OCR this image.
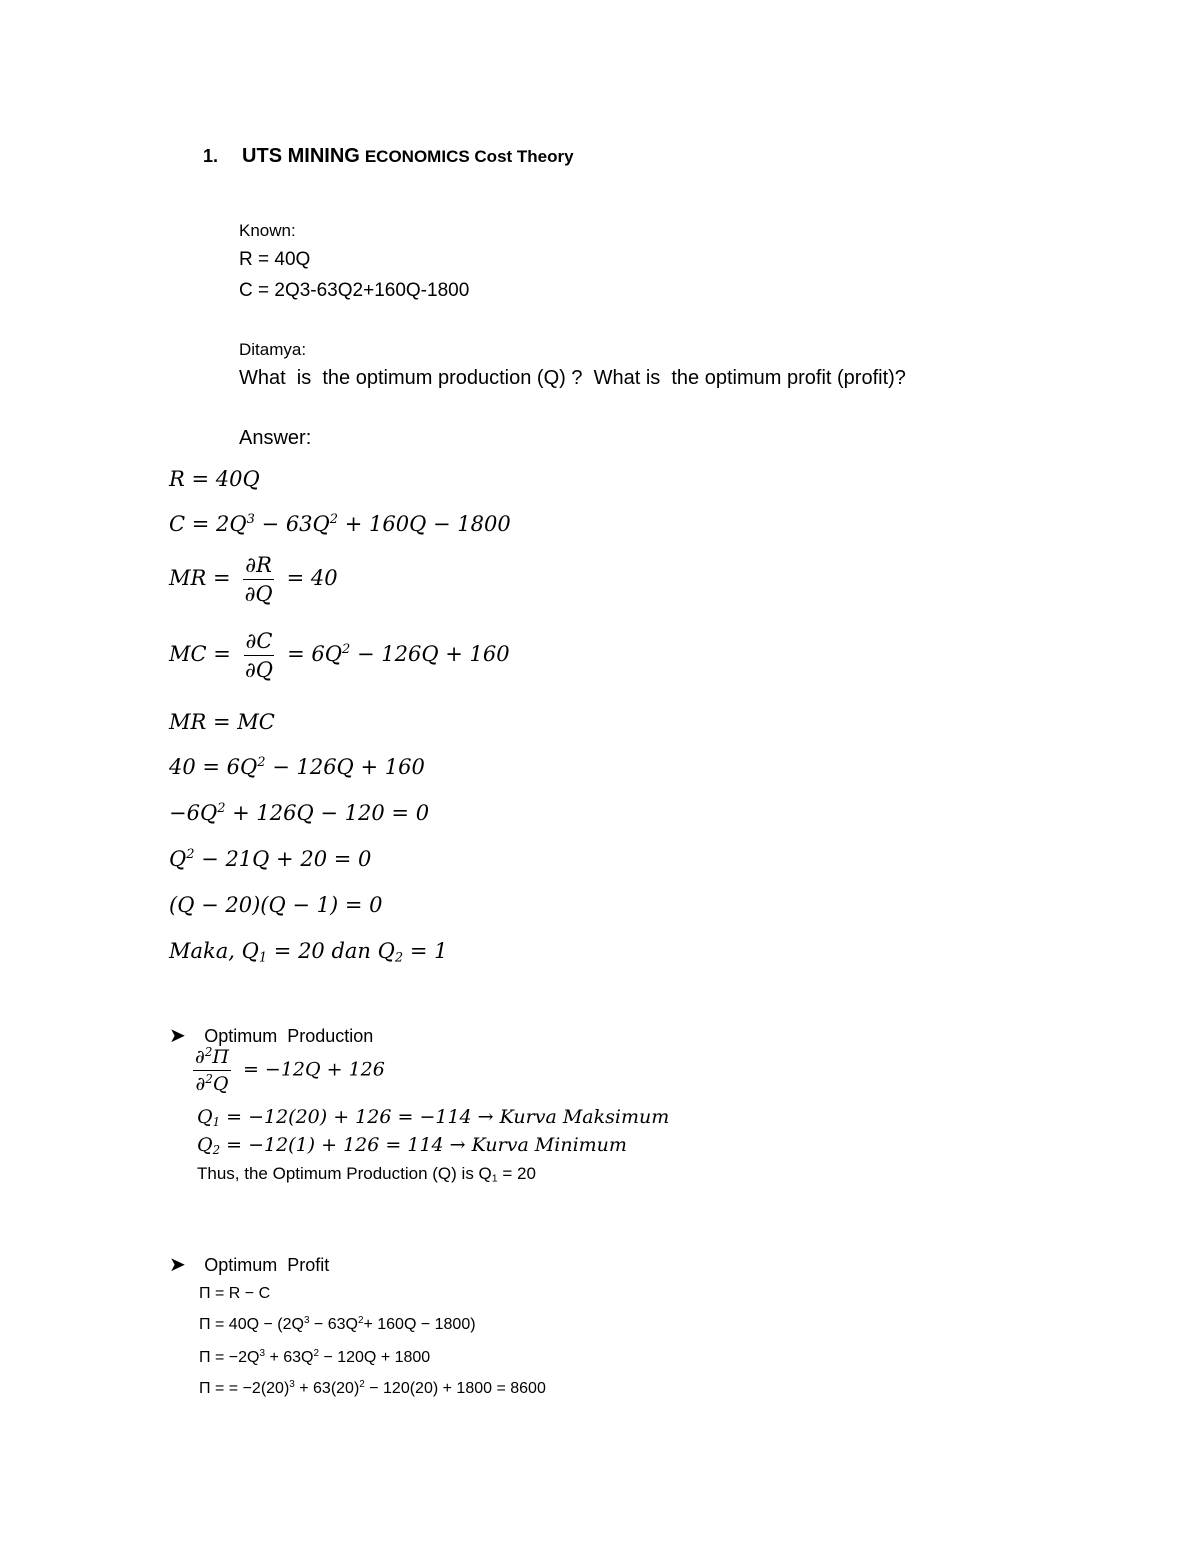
1. UTS MINING ECONOMICS Cost Theory
Known:
R = 40Q
C = 2Q3-63Q2+160Q-1800
Ditamya:
What  is  the optimum production (Q) ?  What is  the optimum profit (profit)?
Answer:
R = 40Q
$C = 2Q^3 - 63Q^2 + 160Q - 1800$
MR = $\frac{\partial R}{\partial Q} = 40$
MC = $\frac{\partial C}{\partial Q} = 6Q^2 - 126Q + 160$
MR = MC
$40 = 6Q^2 - 126Q + 160$
$-6Q^2 + 126Q - 120 = 0$
$Q^2 - 21Q + 20 = 0$
(Q − 20)(Q − 1) = 0
Maka, $Q_1 = 20$ dan $Q_2 = 1$
➤ Optimum  Production
$\frac{\partial^2\Pi}{\partial^2Q} = -12Q + 126$
$Q_1 = -12(20) + 126 = -114$ → Kurva Maksimum
$Q_2 = -12(1) + 126 = 114$ → Kurva Minimum
Thus, the Optimum Production (Q) is $Q_1 = 20$
➤ Optimum  Profit
Π = R − C
$\Pi = 40Q - (2Q^3 - 63Q^2+ 160Q - 1800)$
$\Pi = -2Q^3 + 63Q^2 - 120Q + 1800$
Π = = $-2(20)^3 + 63(20)^2 - 120(20) + 1800 = 8600$
